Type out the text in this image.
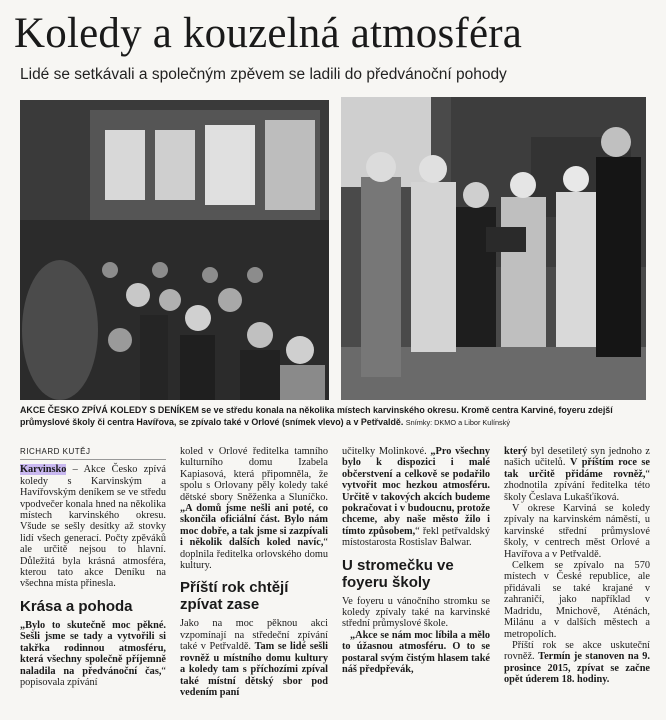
Koledy a kouzelná atmosféra

Lidé se setkávali a společným zpěvem se ladili do předvánoční pohody

AKCE ČESKO ZPÍVÁ KOLEDY S DENÍKEM se ve středu konala na několika místech karvinského okresu. Kromě centra Karviné, foyeru zdejší průmyslové školy či centra Havířova, se zpívalo také v Orlové (snímek vlevo) a v Petřvaldě. Snímky: DKMO a Libor Kulínský

RICHARD KUTĚJ

Karvinsko – Akce Česko zpívá koledy s Karvinským a Havířovským deníkem se ve středu vpodvečer konala hned na několika místech karvinského okresu. Všude se sešly desítky až stovky lidí všech generací. Počty zpěváků ale určitě nejsou to hlavní. Důležitá byla krásná atmosféra, kterou tato akce Deníku na všechna místa přinesla.

Krása a pohoda

„Bylo to skutečně moc pěkné. Sešli jsme se tady a vytvořili si takřka rodinnou atmosféru, která všechny společně příjemně naladila na předvánoční čas,“ popisovala zpívání

koled v Orlové ředitelka tamního kulturního domu Izabela Kapiasová, která připomněla, že spolu s Orlovany pěly koledy také dětské sbory Sněženka a Sluníčko. „A domů jsme nešli ani poté, co skončila oficiální část. Bylo nám moc dobře, a tak jsme si zazpívali i několik dalších koled navíc,“ doplnila ředitelka orlovského domu kultury.

Příští rok chtějí zpívat zase

Jako na moc pěknou akci vzpomínají na středeční zpívání také v Petřvaldě. Tam se lidé sešli rovněž u místního domu kultury a koledy tam s příchozími zpíval také místní dětský sbor pod vedením paní

učitelky Molinkové. „Pro všechny bylo k dispozici i malé občerstvení a celkově se podařilo vytvořit moc hezkou atmosféru. Určitě v takových akcích budeme pokračovat i v budoucnu, protože chceme, aby naše město žilo i tímto způsobem,“ řekl petřvaldský místostarosta Rostislav Balwar.

U stromečku ve foyeru školy

Ve foyeru u vánočního stromku se koledy zpívaly také na karvinské střední průmyslové škole.

„Akce se nám moc líbila a mělo to úžasnou atmosféru. O to se postaral svým čistým hlasem také náš předpřevák,

který byl desetiletý syn jednoho z našich učitelů. V příštím roce se tak určitě přidáme rovněž,“ zhodnotila zpívání ředitelka této školy Česlava Lukašťíková.

V okrese Karviná se koledy zpívaly na karvinském náměstí, u karvinské střední průmyslové školy, v centrech měst Orlové a Havířova a v Petřvaldě.

Celkem se zpívalo na 570 místech v České republice, ale přidávali se také krajané v zahraničí, jako například v Madridu, Mnichově, Aténách, Milánu a v dalších městech a metropolích.

Příští rok se akce uskuteční rovněž. Termín je stanoven na 9. prosince 2015, zpívat se začne opět úderem 18. hodiny.
